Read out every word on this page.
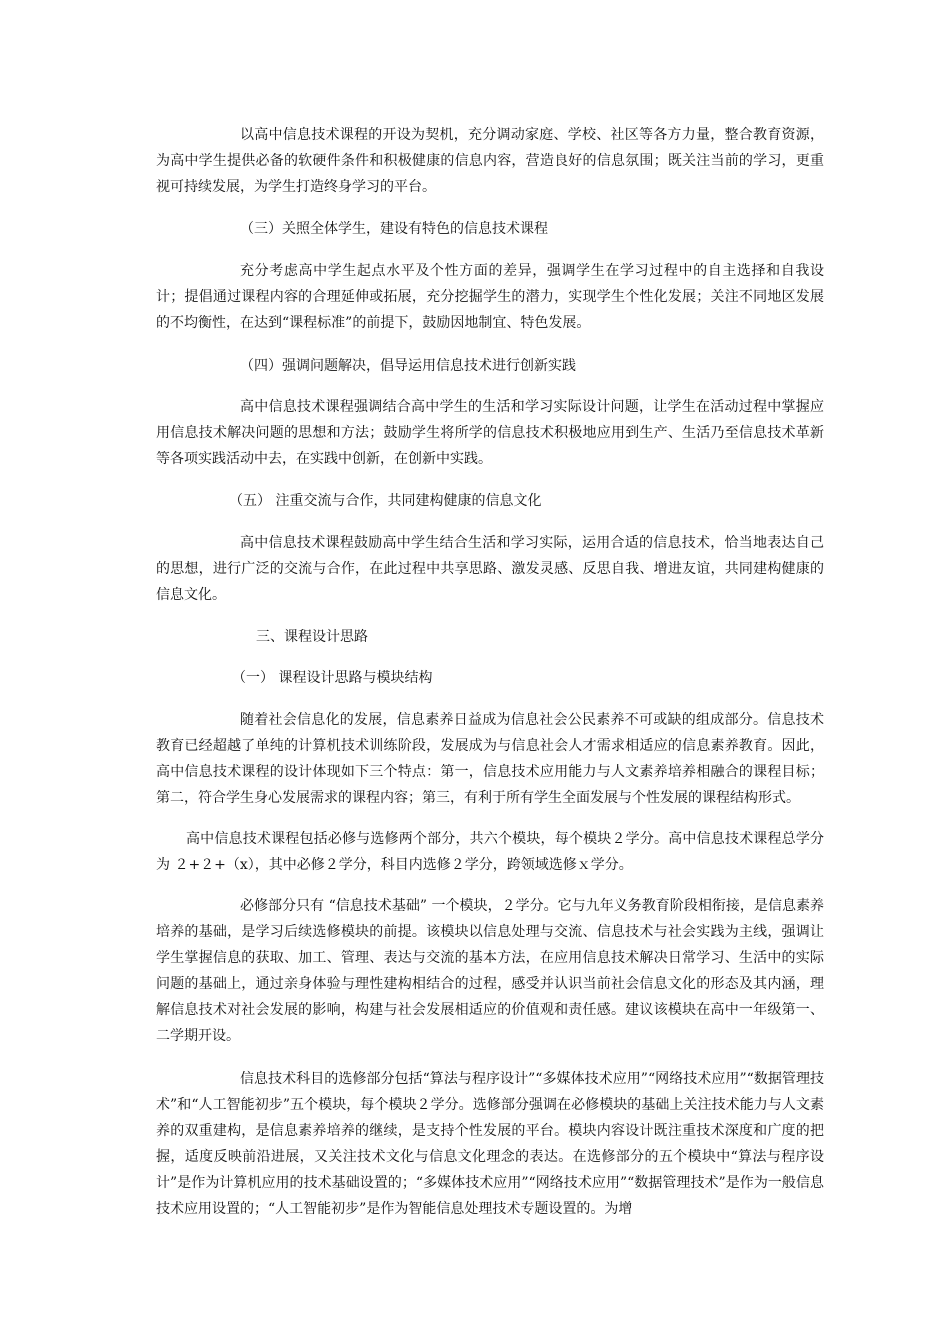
以高中信息技术课程的开设为契机，充分调动家庭、学校、社区等各方力量，整合教育资源，为高中学生提供必备的软硬件条件和积极健康的信息内容，营造良好的信息氛围；既关注当前的学习，更重视可持续发展，为学生打造终身学习的平台。

（三）关照全体学生，建设有特色的信息技术课程

充分考虑高中学生起点水平及个性方面的差异，强调学生在学习过程中的自主选择和自我设计；提倡通过课程内容的合理延伸或拓展，充分挖掘学生的潜力，实现学生个性化发展；关注不同地区发展的不均衡性，在达到“课程标准”的前提下，鼓励因地制宜、特色发展。

（四）强调问题解决，倡导运用信息技术进行创新实践

高中信息技术课程强调结合高中学生的生活和学习实际设计问题，让学生在活动过程中掌握应用信息技术解决问题的思想和方法；鼓励学生将所学的信息技术积极地应用到生产、生活乃至信息技术革新等各项实践活动中去，在实践中创新，在创新中实践。

（五） 注重交流与合作，共同建构健康的信息文化

高中信息技术课程鼓励高中学生结合生活和学习实际，运用合适的信息技术，恰当地表达自己的思想，进行广泛的交流与合作，在此过程中共享思路、激发灵感、反思自我、增进友谊，共同建构健康的信息文化。

三、课程设计思路

（一） 课程设计思路与模块结构

随着社会信息化的发展，信息素养日益成为信息社会公民素养不可或缺的组成部分。信息技术教育已经超越了单纯的计算机技术训练阶段，发展成为与信息社会人才需求相适应的信息素养教育。因此，高中信息技术课程的设计体现如下三个特点：第一，信息技术应用能力与人文素养培养相融合的课程目标；第二，符合学生身心发展需求的课程内容；第三，有利于所有学生全面发展与个性发展的课程结构形式。

高中信息技术课程包括必修与选修两个部分，共六个模块，每个模块２学分。高中信息技术课程总学分为 ２+２+（x），其中必修２学分，科目内选修２学分，跨领域选修ｘ学分。

必修部分只有 “信息技术基础” 一个模块，２学分。它与九年义务教育阶段相衔接，是信息素养培养的基础，是学习后续选修模块的前提。该模块以信息处理与交流、信息技术与社会实践为主线，强调让学生掌握信息的获取、加工、管理、表达与交流的基本方法，在应用信息技术解决日常学习、生活中的实际问题的基础上，通过亲身体验与理性建构相结合的过程，感受并认识当前社会信息文化的形态及其内涵，理解信息技术对社会发展的影响，构建与社会发展相适应的价值观和责任感。建议该模块在高中一年级第一、二学期开设。

信息技术科目的选修部分包括“算法与程序设计”“多媒体技术应用”“网络技术应用”“数据管理技术”和“人工智能初步”五个模块，每个模块２学分。选修部分强调在必修模块的基础上关注技术能力与人文素养的双重建构，是信息素养培养的继续，是支持个性发展的平台。模块内容设计既注重技术深度和广度的把握，适度反映前沿进展，又关注技术文化与信息文化理念的表达。在选修部分的五个模块中“算法与程序设计”是作为计算机应用的技术基础设置的；“多媒体技术应用”“网络技术应用”“数据管理技术”是作为一般信息技术应用设置的；“人工智能初步”是作为智能信息处理技术专题设置的。为增
